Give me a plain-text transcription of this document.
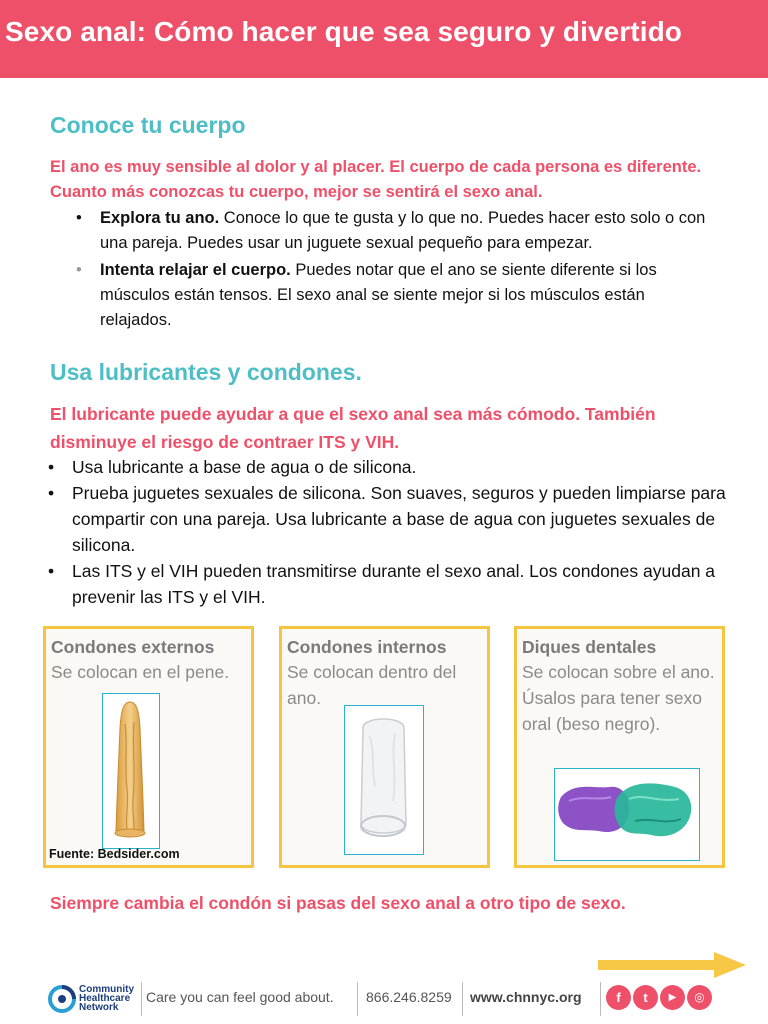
Sexo anal: Cómo hacer que sea seguro y divertido
Conoce tu cuerpo

El ano es muy sensible al dolor y al placer. El cuerpo de cada persona es diferente. Cuanto más conozcas tu cuerpo, mejor se sentirá el sexo anal.

• Explora tu ano. Conoce lo que te gusta y lo que no. Puedes hacer esto solo o con una pareja. Puedes usar un juguete sexual pequeño para empezar.
• Intenta relajar el cuerpo. Puedes notar que el ano se siente diferente si los músculos están tensos. El sexo anal se siente mejor si los músculos están relajados.
Usa lubricantes y condones.

El lubricante puede ayudar a que el sexo anal sea más cómodo. También disminuye el riesgo de contraer ITS y VIH.

• Usa lubricante a base de agua o de silicona.
• Prueba juguetes sexuales de silicona. Son suaves, seguros y pueden limpiarse para compartir con una pareja. Usa lubricante a base de agua con juguetes sexuales de silicona.
• Las ITS y el VIH pueden transmitirse durante el sexo anal. Los condones ayudan a prevenir las ITS y el VIH.
Condones externos
Se colocan en el pene.
Fuente: Bedsider.com
Condones internos
Se colocan dentro del ano.
Diques dentales
Se colocan sobre el ano. Úsalos para tener sexo oral (beso negro).

Siempre cambia el condón si pasas del sexo anal a otro tipo de sexo.

Community
Healthcare
Network
Care you can feel good about. 866.246.8259 www.chnnyc.org	f	t	▶	◎
